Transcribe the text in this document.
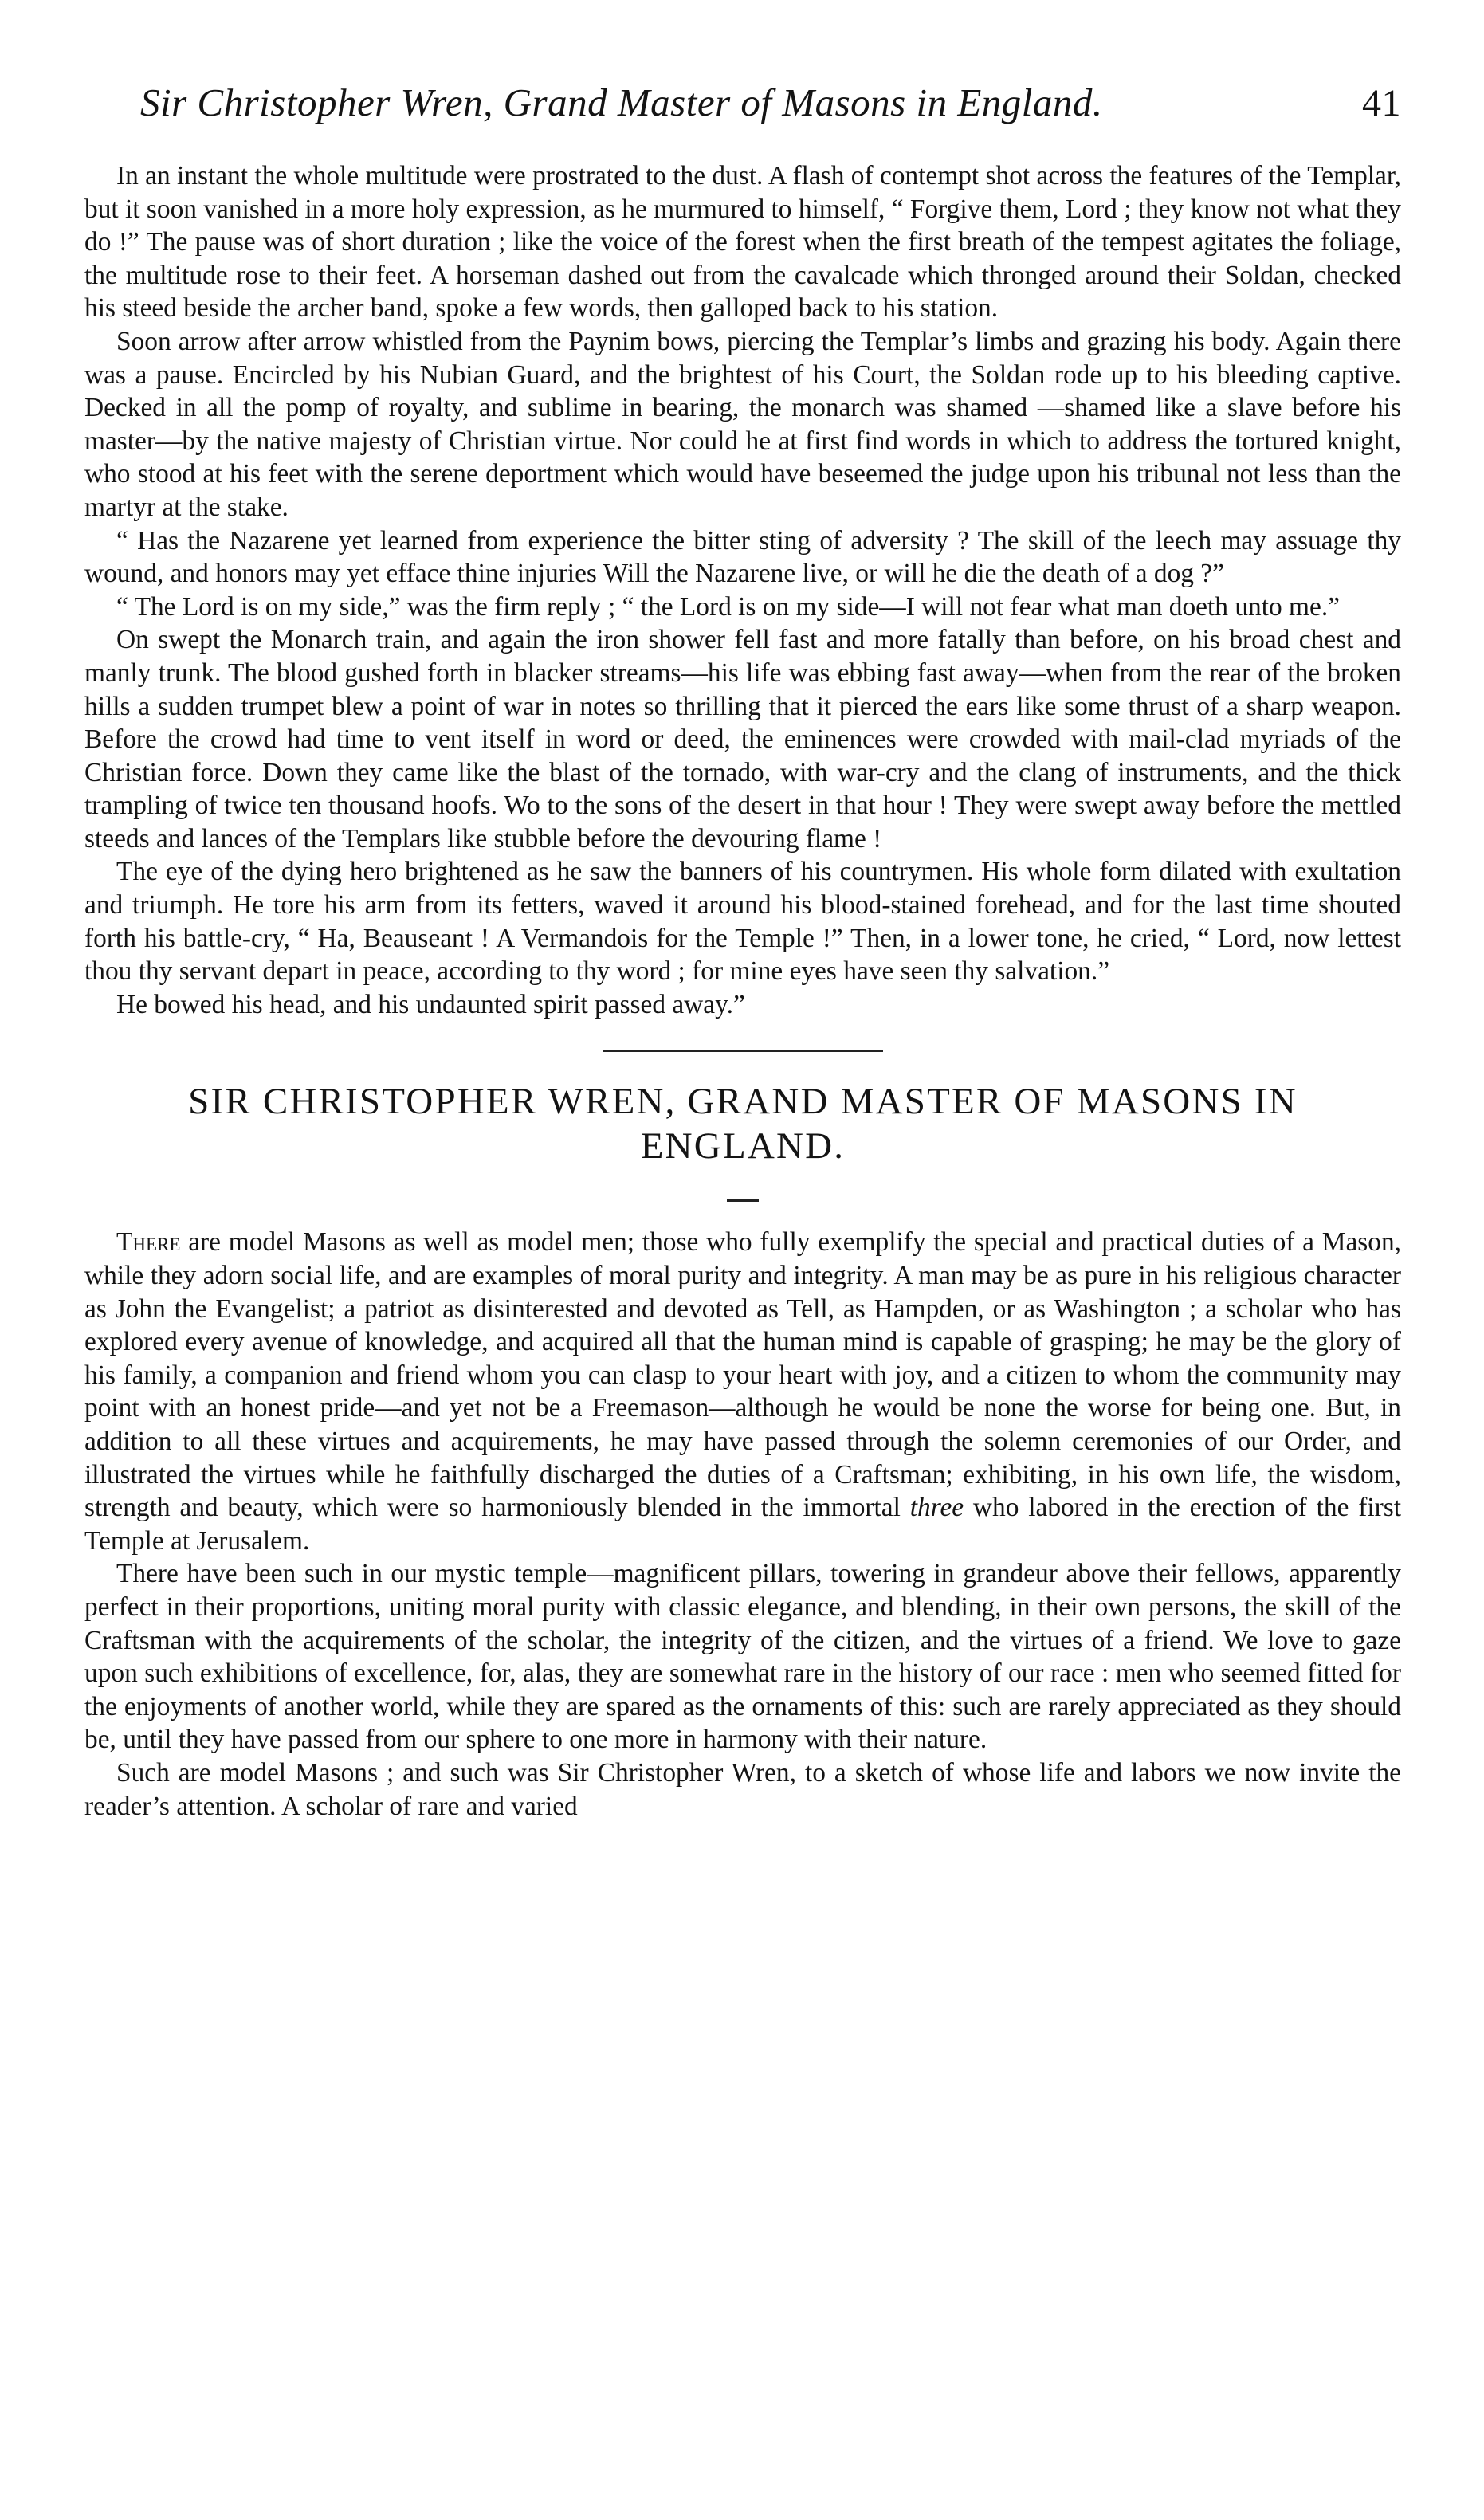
Sir Christopher Wren, Grand Master of Masons in England.	41

In an instant the whole multitude were prostrated to the dust. A flash of contempt shot across the features of the Templar, but it soon vanished in a more holy expression, as he murmured to himself, “ Forgive them, Lord ; they know not what they do !” The pause was of short duration ; like the voice of the forest when the first breath of the tempest agitates the foliage, the multitude rose to their feet. A horseman dashed out from the cavalcade which thronged around their Soldan, checked his steed beside the archer band, spoke a few words, then galloped back to his station.

Soon arrow after arrow whistled from the Paynim bows, piercing the Templar’s limbs and grazing his body. Again there was a pause. Encircled by his Nubian Guard, and the brightest of his Court, the Soldan rode up to his bleeding captive. Decked in all the pomp of royalty, and sublime in bearing, the monarch was shamed —shamed like a slave before his master—by the native majesty of Christian virtue. Nor could he at first find words in which to address the tortured knight, who stood at his feet with the serene deportment which would have beseemed the judge upon his tribunal not less than the martyr at the stake.

“ Has the Nazarene yet learned from experience the bitter sting of adversity ? The skill of the leech may assuage thy wound, and honors may yet efface thine injuries Will the Nazarene live, or will he die the death of a dog ?”

“ The Lord is on my side,” was the firm reply ; “ the Lord is on my side—I will not fear what man doeth unto me.”

On swept the Monarch train, and again the iron shower fell fast and more fatally than before, on his broad chest and manly trunk. The blood gushed forth in blacker streams—his life was ebbing fast away—when from the rear of the broken hills a sudden trumpet blew a point of war in notes so thrilling that it pierced the ears like some thrust of a sharp weapon. Before the crowd had time to vent itself in word or deed, the eminences were crowded with mail-clad myriads of the Christian force. Down they came like the blast of the tornado, with war-cry and the clang of instruments, and the thick trampling of twice ten thousand hoofs. Wo to the sons of the desert in that hour ! They were swept away before the mettled steeds and lances of the Templars like stubble before the devouring flame !

The eye of the dying hero brightened as he saw the banners of his countrymen. His whole form dilated with exultation and triumph. He tore his arm from its fetters, waved it around his blood-stained forehead, and for the last time shouted forth his battle-cry, “ Ha, Beauseant ! A Vermandois for the Temple !” Then, in a lower tone, he cried, “ Lord, now lettest thou thy servant depart in peace, according to thy word ; for mine eyes have seen thy salvation.”

He bowed his head, and his undaunted spirit passed away.”

SIR CHRISTOPHER WREN, GRAND MASTER OF MASONS IN ENGLAND.

There are model Masons as well as model men; those who fully exemplify the special and practical duties of a Mason, while they adorn social life, and are examples of moral purity and integrity. A man may be as pure in his religious character as John the Evangelist; a patriot as disinterested and devoted as Tell, as Hampden, or as Washington ; a scholar who has explored every avenue of knowledge, and acquired all that the human mind is capable of grasping; he may be the glory of his family, a companion and friend whom you can clasp to your heart with joy, and a citizen to whom the community may point with an honest pride—and yet not be a Freemason—although he would be none the worse for being one. But, in addition to all these virtues and acquirements, he may have passed through the solemn ceremonies of our Order, and illustrated the virtues while he faithfully discharged the duties of a Craftsman; exhibiting, in his own life, the wisdom, strength and beauty, which were so harmoniously blended in the immortal three who labored in the erection of the first Temple at Jerusalem.

There have been such in our mystic temple—magnificent pillars, towering in grandeur above their fellows, apparently perfect in their proportions, uniting moral purity with classic elegance, and blending, in their own persons, the skill of the Craftsman with the acquirements of the scholar, the integrity of the citizen, and the virtues of a friend. We love to gaze upon such exhibitions of excellence, for, alas, they are somewhat rare in the history of our race : men who seemed fitted for the enjoyments of another world, while they are spared as the ornaments of this: such are rarely appreciated as they should be, until they have passed from our sphere to one more in harmony with their nature.

Such are model Masons ; and such was Sir Christopher Wren, to a sketch of whose life and labors we now invite the reader’s attention. A scholar of rare and varied
